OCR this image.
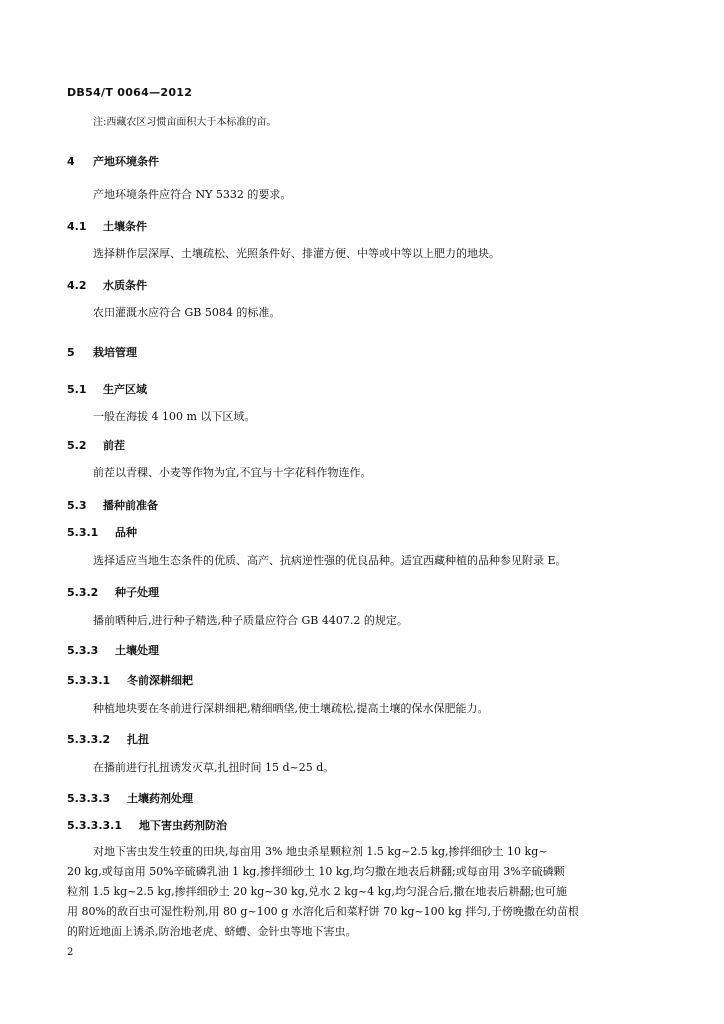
DB54/T 0064—2012
注:西藏农区习惯亩面积大于本标准的亩。
4 产地环境条件
产地环境条件应符合 NY 5332 的要求。
4.1 土壤条件
选择耕作层深厚、土壤疏松、光照条件好、排灌方便、中等或中等以上肥力的地块。
4.2 水质条件
农田灌溉水应符合 GB 5084 的标准。
5 栽培管理
5.1 生产区域
一般在海拔 4 100 m 以下区域。
5.2 前茬
前茬以青稞、小麦等作物为宜,不宜与十字花科作物连作。
5.3 播种前准备
5.3.1 品种
选择适应当地生态条件的优质、高产、抗病逆性强的优良品种。适宜西藏种植的品种参见附录 E。
5.3.2 种子处理
播前晒种后,进行种子精选,种子质量应符合 GB 4407.2 的规定。
5.3.3 土壤处理
5.3.3.1 冬前深耕细耙
种植地块要在冬前进行深耕细耙,精细晒垡,使土壤疏松,提高土壤的保水保肥能力。
5.3.3.2 扎扭
在播前进行扎扭诱发灭草,扎扭时间 15 d~25 d。
5.3.3.3 土壤药剂处理
5.3.3.3.1 地下害虫药剂防治
对地下害虫发生较重的田块,每亩用 3% 地虫杀星颗粒剂 1.5 kg~2.5 kg,掺拌细砂土 10 kg~
20 kg,或每亩用 50%辛硫磷乳油 1 kg,掺拌细砂土 10 kg,均匀撒在地表后耕翻;或每亩用 3%辛硫磷颗
粒剂 1.5 kg~2.5 kg,掺拌细砂土 20 kg~30 kg,兑水 2 kg~4 kg,均匀混合后,撒在地表后耕翻;也可施
用 80%的敌百虫可湿性粉剂,用 80 g~100 g 水溶化后和菜籽饼 70 kg~100 kg 拌匀,于傍晚撒在幼苗根
的附近地面上诱杀,防治地老虎、蛴螬、金针虫等地下害虫。
2
